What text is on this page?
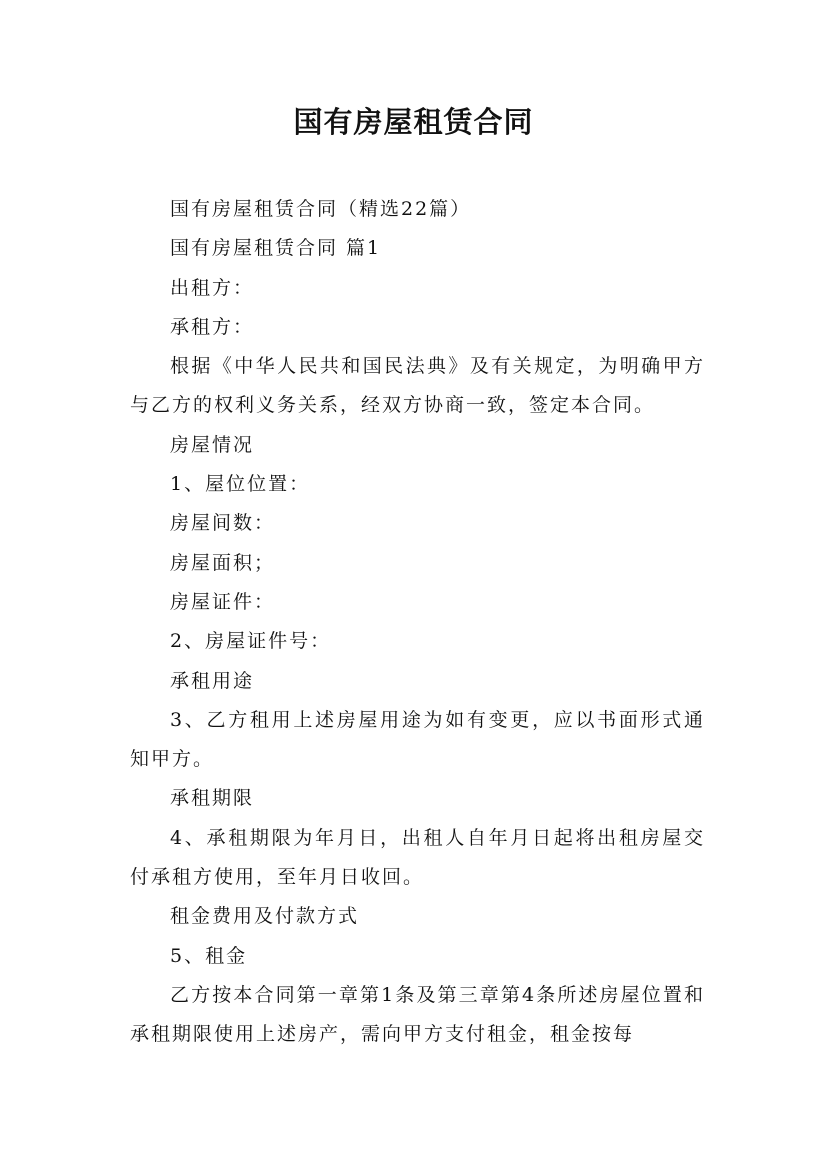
国有房屋租赁合同

国有房屋租赁合同（精选22篇）

国有房屋租赁合同 篇1

出租方：

承租方：

根据《中华人民共和国民法典》及有关规定，为明确甲方与乙方的权利义务关系，经双方协商一致，签定本合同。

房屋情况

1、屋位位置：

房屋间数：

房屋面积；

房屋证件：

2、房屋证件号：

承租用途

3、乙方租用上述房屋用途为如有变更，应以书面形式通知甲方。

承租期限

4、承租期限为年月日，出租人自年月日起将出租房屋交付承租方使用，至年月日收回。

租金费用及付款方式

5、租金

乙方按本合同第一章第1条及第三章第4条所述房屋位置和承租期限使用上述房产，需向甲方支付租金，租金按每
